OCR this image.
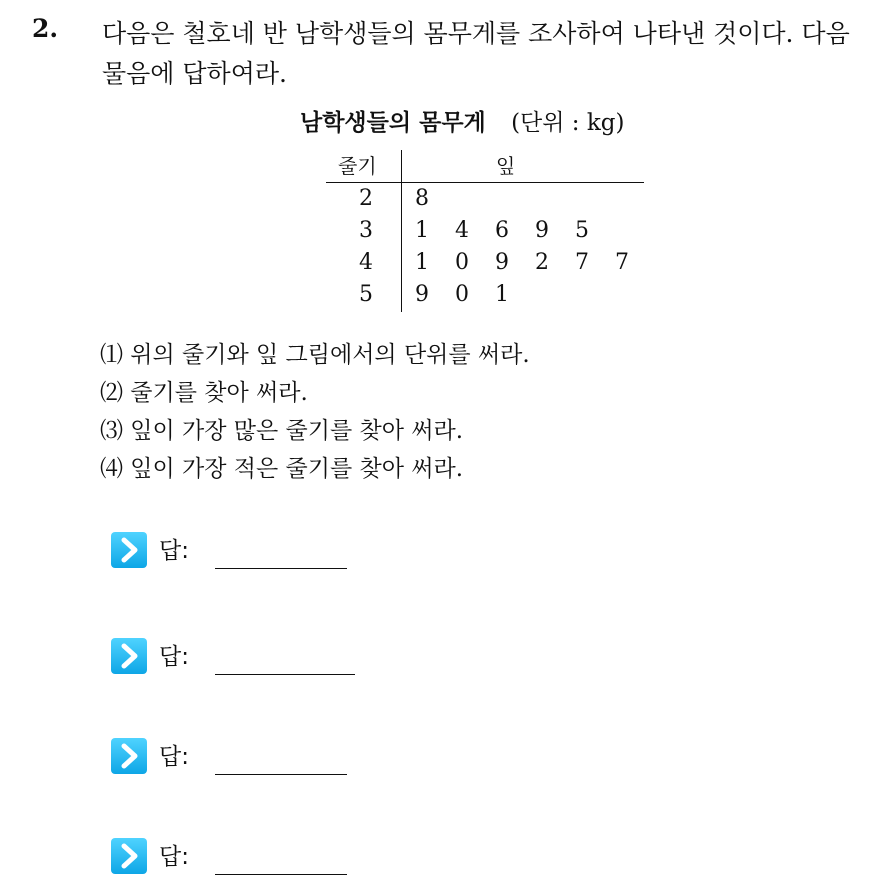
2. 다음은 철호네 반 남학생들의 몸무게를 조사하여 나타낸 것이다. 다음 물음에 답하여라.
남학생들의 몸무게 (단위 : kg)
줄기	잎
2 8
3 1 4 6 9 5
4 1 0 9 2 7 7
5 9 0 1
⑴ 위의 줄기와 잎 그림에서의 단위를 써라.
⑵ 줄기를 찾아 써라.
⑶ 잎이 가장 많은 줄기를 찾아 써라.
⑷ 잎이 가장 적은 줄기를 찾아 써라.
답:
답:
답:
답:
